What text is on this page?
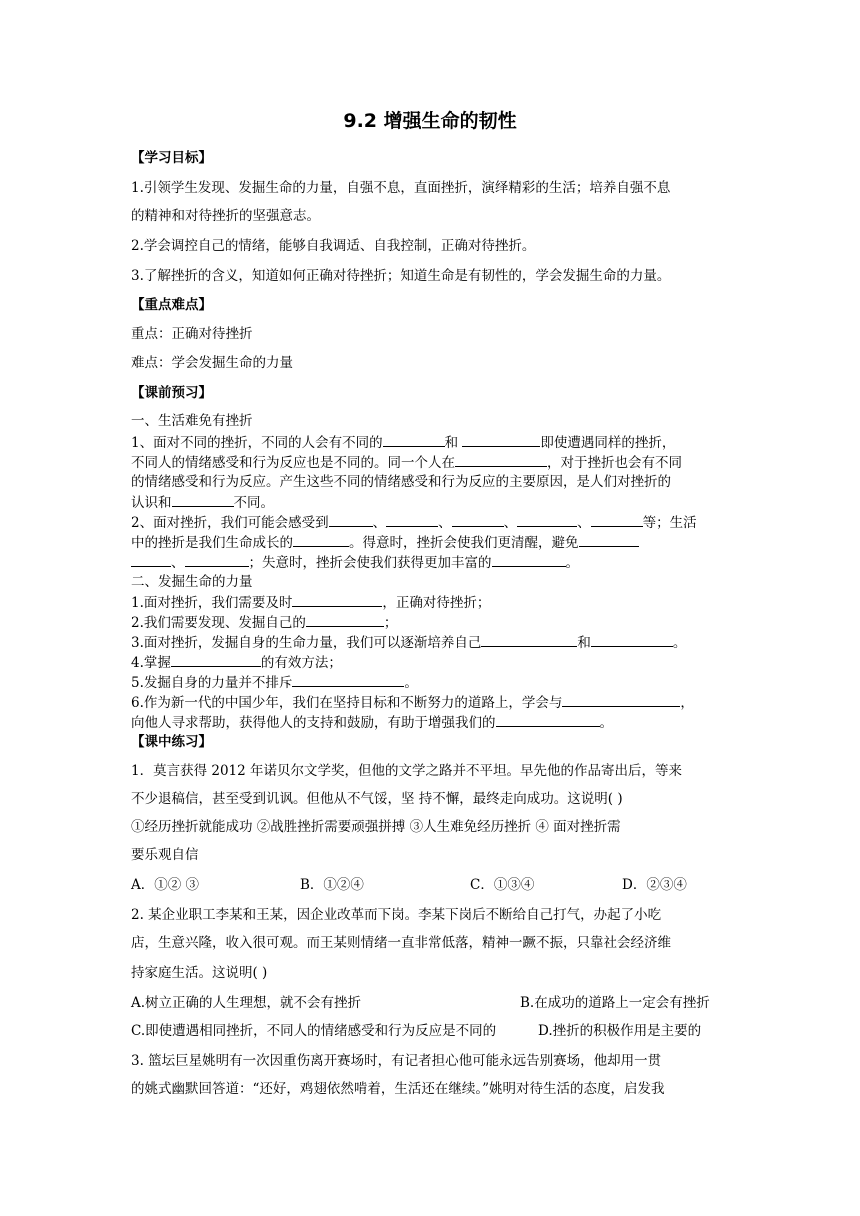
9.2 增强生命的韧性
【学习目标】
1.引领学生发现、发掘生命的力量，自强不息，直面挫折，演绎精彩的生活；培养自强不息
的精神和对待挫折的坚强意志。
2.学会调控自己的情绪，能够自我调适、自我控制，正确对待挫折。
3.了解挫折的含义，知道如何正确对待挫折；知道生命是有韧性的，学会发掘生命的力量。
【重点难点】
重点：正确对待挫折
难点：学会发掘生命的力量
【课前预习】
一、生活难免有挫折
1、面对不同的挫折，不同的人会有不同的	和	即使遭遇同样的挫折，
不同人的情绪感受和行为反应也是不同的。同一个人在	，对于挫折也会有不同
的情绪感受和行为反应。产生这些不同的情绪感受和行为反应的主要原因，是人们对挫折的
认识和	不同。
2、面对挫折，我们可能会感受到	、	、	、	、	等；生活
中的挫折是我们生命成长的	。得意时，挫折会使我们更清醒，避免
、	；失意时，挫折会使我们获得更加丰富的	。
二、发掘生命的力量
1.面对挫折，我们需要及时	，正确对待挫折；
2.我们需要发现、发掘自己的	；
3.面对挫折，发掘自身的生命力量，我们可以逐渐培养自己	和	。
4.掌握	的有效方法；
5.发掘自身的力量并不排斥	。
6.作为新一代的中国少年，我们在坚持目标和不断努力的道路上，学会与	，
向他人寻求帮助，获得他人的支持和鼓励，有助于增强我们的	。
【课中练习】
1．莫言获得 2012 年诺贝尔文学奖，但他的文学之路并不平坦。早先他的作品寄出后，等来
不少退稿信，甚至受到讥讽。但他从不气馁，坚 持不懈，最终走向成功。这说明( )
①经历挫折就能成功 ②战胜挫折需要顽强拼搏 ③人生难免经历挫折 ④ 面对挫折需
要乐观自信
A．①② ③	B．①②④	C．①③④	D．②③④
2. 某企业职工李某和王某，因企业改革而下岗。李某下岗后不断给自己打气，办起了小吃
店，生意兴隆，收入很可观。而王某则情绪一直非常低落，精神一蹶不振，只靠社会经济维
持家庭生活。这说明( )
A.树立正确的人生理想，就不会有挫折	B.在成功的道路上一定会有挫折
C.即使遭遇相同挫折，不同人的情绪感受和行为反应是不同的	D.挫折的积极作用是主要的
3. 篮坛巨星姚明有一次因重伤离开赛场时，有记者担心他可能永远告别赛场，他却用一贯
的姚式幽默回答道：“还好，鸡翅依然啃着，生活还在继续。”姚明对待生活的态度，启发我
